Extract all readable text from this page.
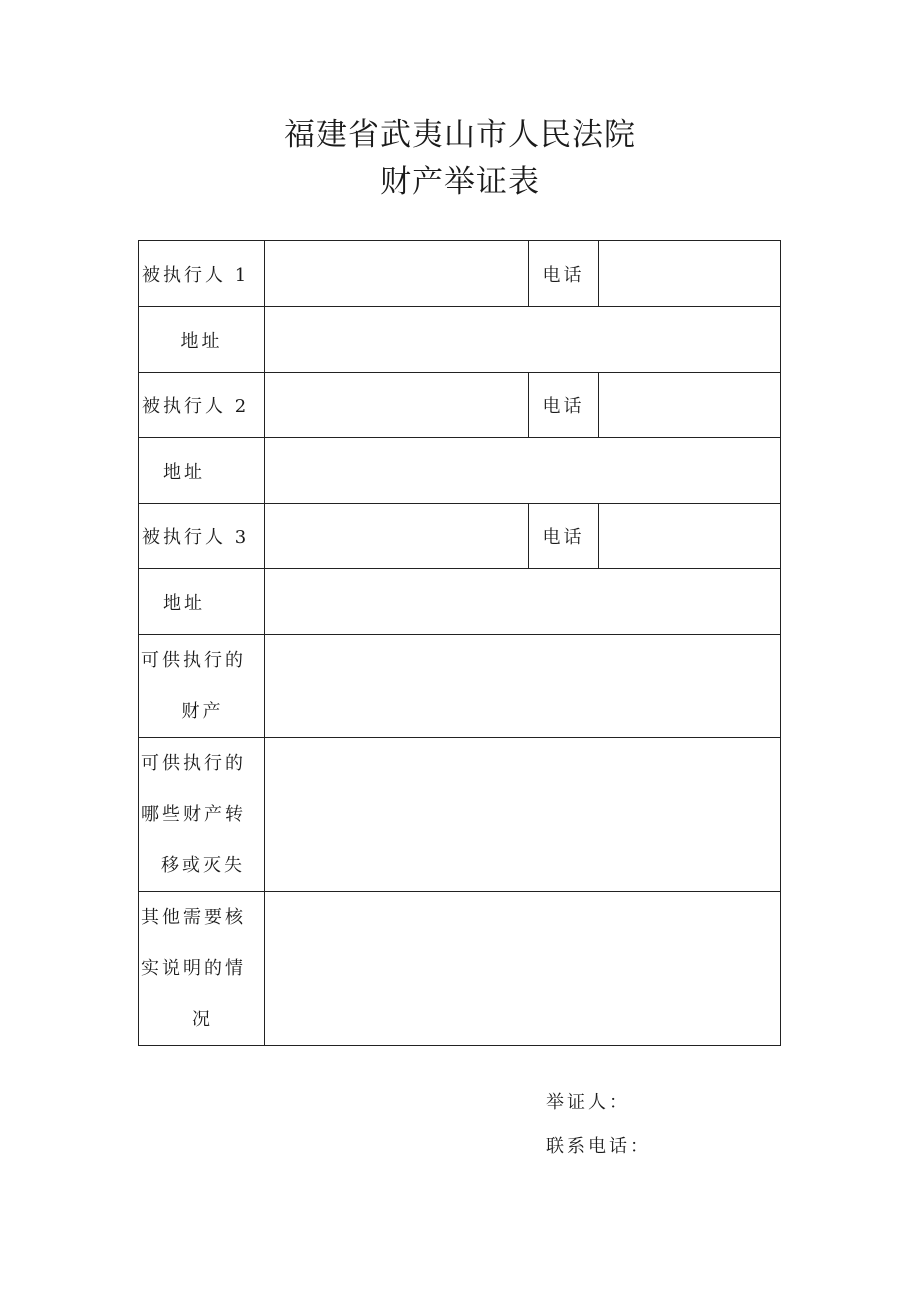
福建省武夷山市人民法院
财产举证表
被执行人 1		电话	
地址			
被执行人 2		电话	
地址			
被执行人 3		电话	
地址			

可供执行的
财产			

可供执行的
哪些财产转
移或灭失			

其他需要核
实说明的情
况			

举证人：
联系电话：
